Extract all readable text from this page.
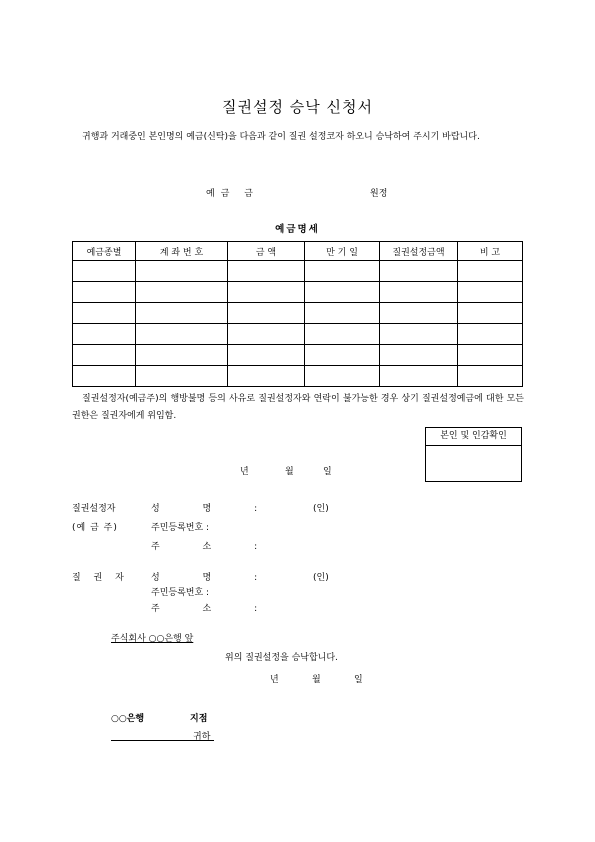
질권설정 승낙 신청서
귀행과 거래중인 본인명의 예금(신탁)을 다음과 같이 질권 설정코자 하오니 승낙하여 주시기 바랍니다.
예금 금	원정
예금명세
예금종별	계 좌 번 호	금 액	만 기 일	질권설정금액	비 고

질권설정자(예금주)의 행방불명 등의 사유로 질권설정자와 연락이 불가능한 경우 상기 질권설정예금에 대한 모든 권한은 질권자에게 위임함.
본인 및 인감확인
년	월	일
질권설정자
(예 금 주)
성 명 :	(인)
주민등록번호 :
주 소 :
질 권 자 성 명 :	(인)
주민등록번호 :
주 소 :
주식회사 ○○은행 앞
위의 질권설정을 승낙합니다.
년	월	일
○○은행	지점
귀하
